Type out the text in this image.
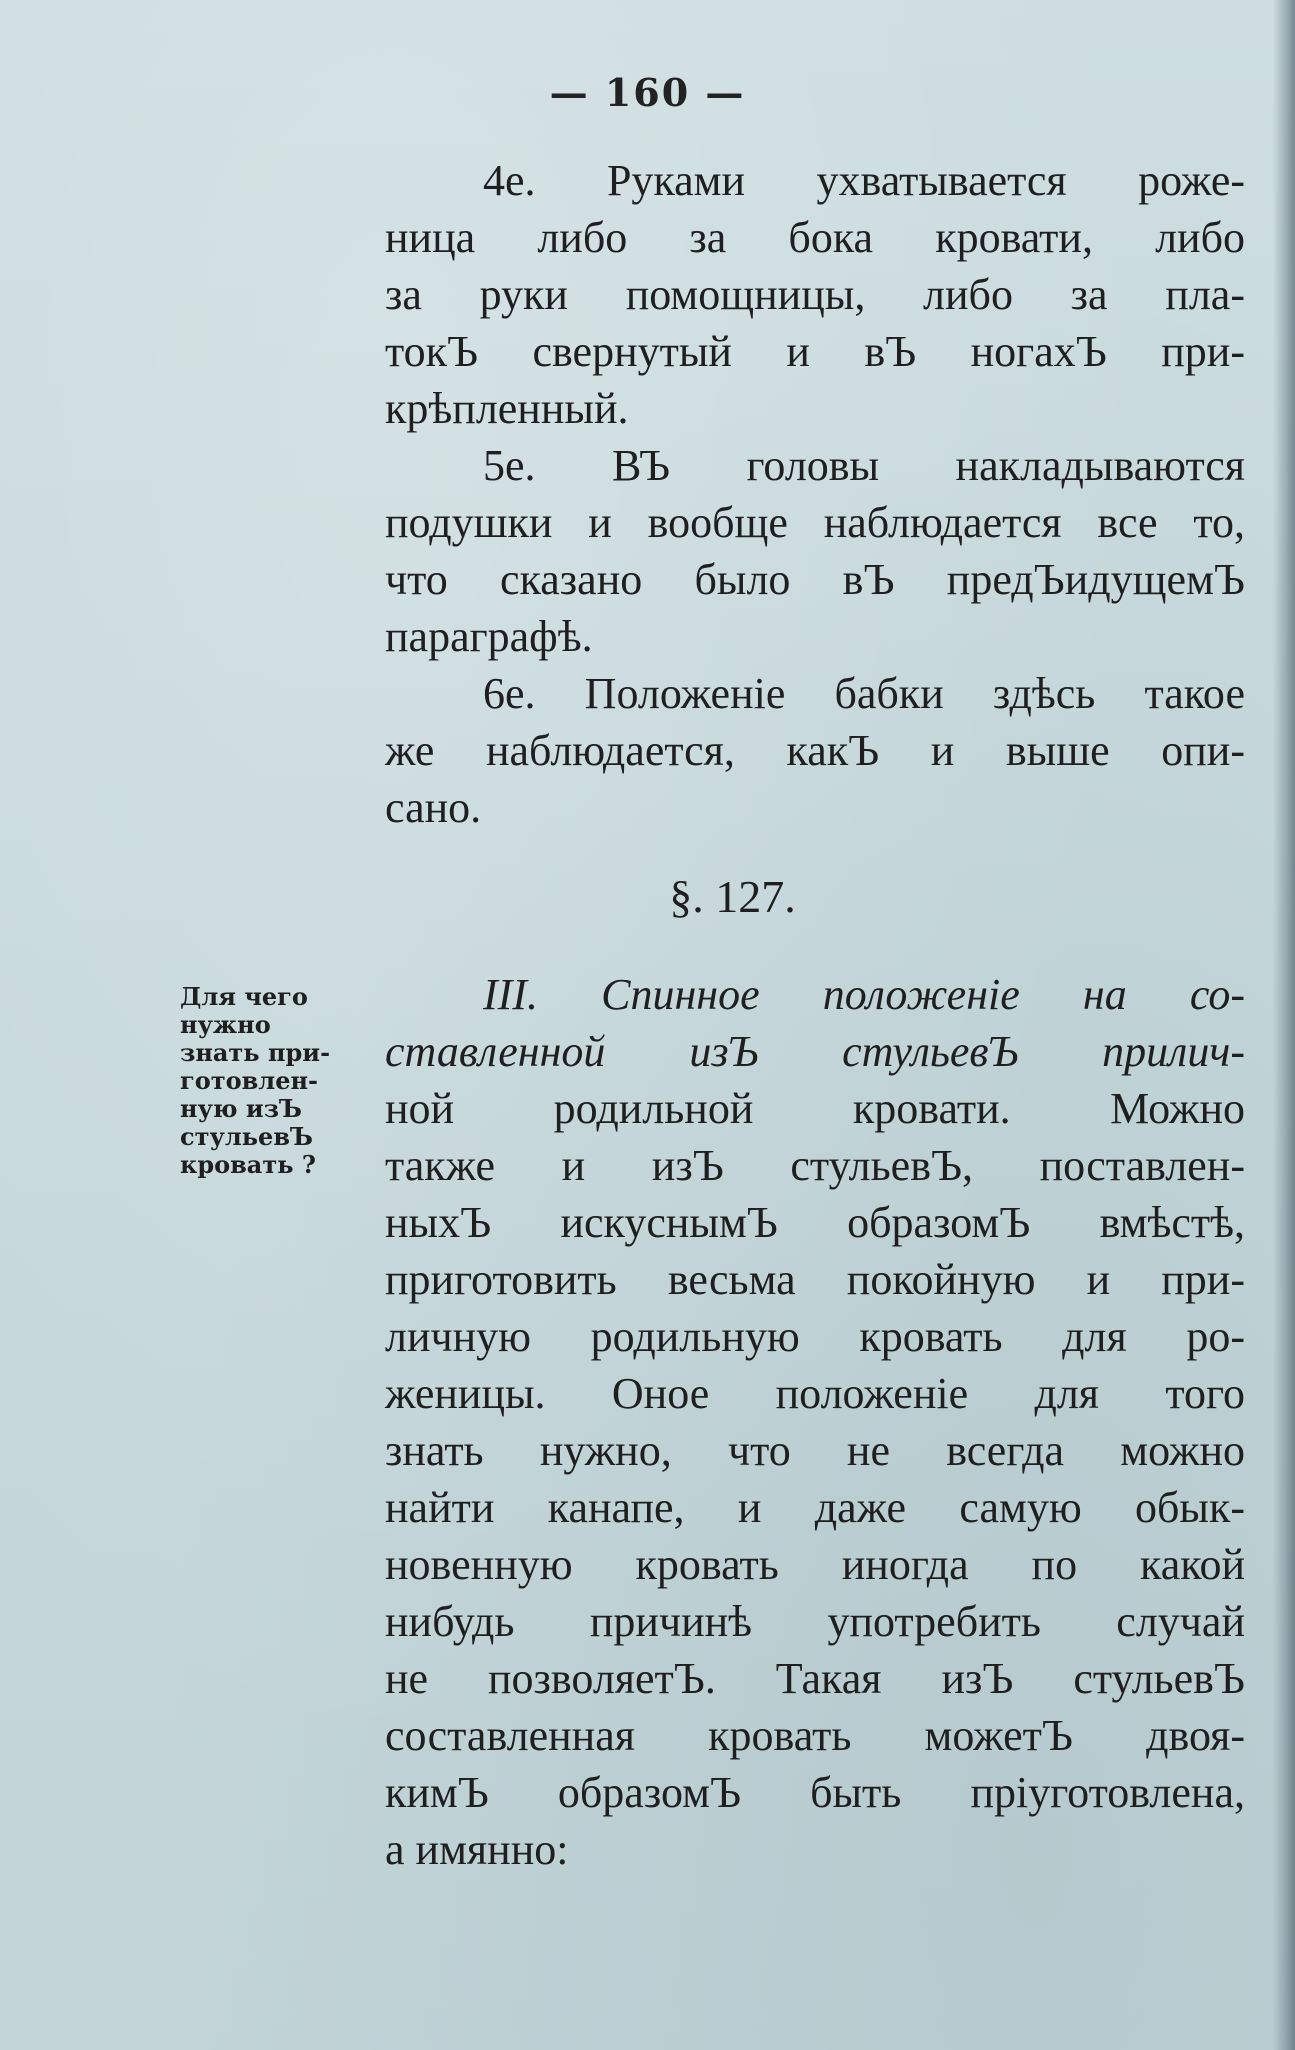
— 160 —
4e. Руками ухватывается роже-
ница либо за бока кровати, либо
за руки помощницы, либо за пла-
токЪ свернутый и вЪ ногахЪ при-
крѣпленный.
5е. ВЪ головы накладываются
подушки и вообще наблюдается все то,
что сказано было вЪ предЪидущемЪ
параграфѣ.
6е. Положеніе бабки здѣсь такое
же наблюдается, какЪ и выше опи-
сано.
§. 127.
Для чего
нужно
знать при-
готовлен-
ную изЪ
стульевЪ
кровать ?
III. Спинное положеніе на со-
ставленной изЪ стульевЪ прилич-
ной родильной кровати. Можно
также и изЪ стульевЪ, поставлен-
ныхЪ искуснымЪ образомЪ вмѣстѣ,
приготовить весьма покойную и при-
личную родильную кровать для ро-
женицы. Оное положеніе для того
знать нужно, что не всегда можно
найти канапе, и даже самую обык-
новенную кровать иногда по какой
нибудь причинѣ употребить случай
не позволяетЪ. Такая изЪ стульевЪ
составленная кровать можетЪ двоя-
кимЪ образомЪ быть пріуготовлена,
а имянно:
